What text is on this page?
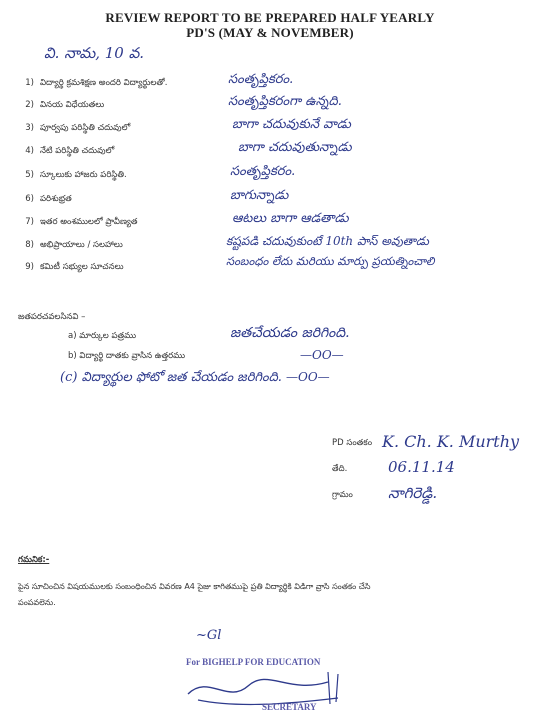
REVIEW REPORT TO BE PREPARED HALF YEARLY
PD'S (MAY & NOVEMBER)
వి. నామ, 10 వ.
1) విద్యార్థి క్రమశిక్షణ అందరి విద్యార్థులతో.	సంతృప్తికరం.
2) వినయ విధేయతలు	సంతృప్తికరంగా ఉన్నది.
3) పూర్వపు పరిస్థితి చదువులో	బాగా చదువుకునే వాడు
4) నేటి పరిస్థితి చదువులో	బాగా చదువుతున్నాడు
5) స్కూలుకు హాజరు పరిస్థితి.	సంతృప్తికరం.
6) పరిశుభ్రత	బాగున్నాడు
7) ఇతర అంశములలో ప్రావీణ్యత	ఆటలు బాగా ఆడతాడు
8) అభిప్రాయాలు / సలహాలు	కష్టపడి చదువుకుంటే 10th పాస్ అవుతాడు
9) కమిటీ సభ్యుల సూచనలు	సంబంధం లేదు మరియు మార్పు ప్రయత్నించాలి
జతపరచవలసినవి –
a) మార్కుల పత్రము	జతచేయడం జరిగింది.
b) విద్యార్థి దాతకు వ్రాసిన ఉత్తరము	—OO—
(c) విద్యార్థుల ఫోటో జత చేయడం జరిగింది. —OO—
PD సంతకం K. Ch. K. Murthy
తేది.	06.11.14
గ్రామం నాగిరెడ్డి.
గమనిక:-
పైన సూచించిన విషయములకు సంబంధించిన వివరణ A4 సైజు కాగితముపై ప్రతి విద్యార్థికి విడిగా వ్రాసి సంతకం చేసి
పంపవలెను.
~Gl
For BIGHELP FOR EDUCATION
SECRETARY
